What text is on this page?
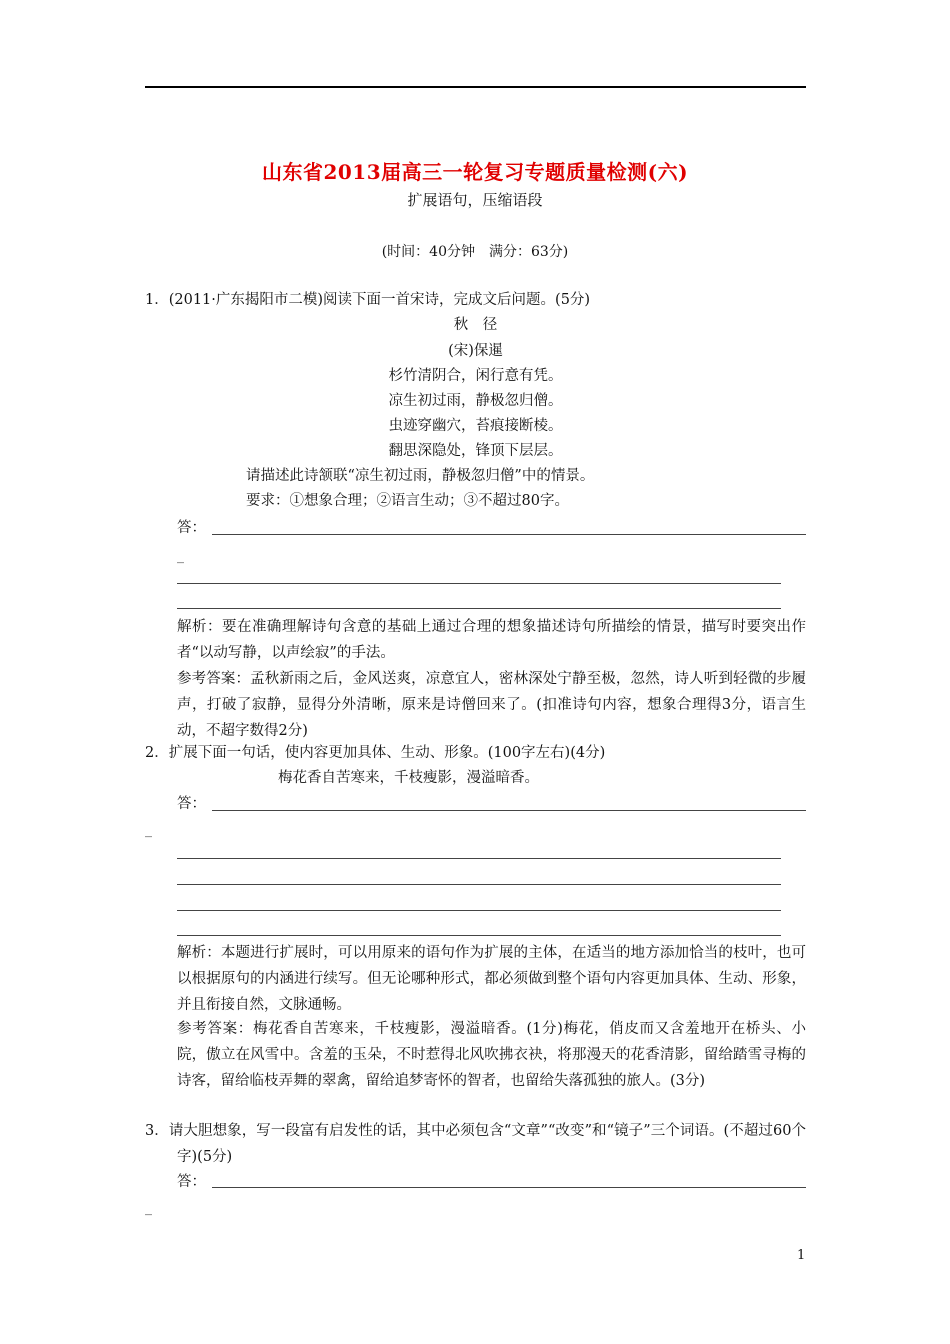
山东省2013届高三一轮复习专题质量检测(六)
扩展语句，压缩语段
(时间：40分钟　满分：63分)
1．(2011·广东揭阳市二模)阅读下面一首宋诗，完成文后问题。(5分)
秋　径
(宋)保暹
杉竹清阴合，闲行意有凭。
凉生初过雨，静极忽归僧。
虫迹穿幽穴，苔痕接断棱。
翻思深隐处，锋顶下层层。
请描述此诗颔联“凉生初过雨，静极忽归僧”中的情景。
要求：①想象合理；②语言生动；③不超过80字。
答：
_
解析：要在准确理解诗句含意的基础上通过合理的想象描述诗句所描绘的情景，描写时要突出作者“以动写静，以声绘寂”的手法。
参考答案：孟秋新雨之后，金风送爽，凉意宜人，密林深处宁静至极，忽然，诗人听到轻微的步履声，打破了寂静，显得分外清晰，原来是诗僧回来了。(扣准诗句内容，想象合理得3分，语言生动，不超字数得2分)
2．扩展下面一句话，使内容更加具体、生动、形象。(100字左右)(4分)
梅花香自苦寒来，千枝瘦影，漫溢暗香。
答：
_
解析：本题进行扩展时，可以用原来的语句作为扩展的主体，在适当的地方添加恰当的枝叶，也可以根据原句的内涵进行续写。但无论哪种形式，都必须做到整个语句内容更加具体、生动、形象，并且衔接自然，文脉通畅。
参考答案：梅花香自苦寒来，千枝瘦影，漫溢暗香。(1分)梅花，俏皮而又含羞地开在桥头、小院，傲立在风雪中。含羞的玉朵，不时惹得北风吹拂衣袂，将那漫天的花香清影，留给踏雪寻梅的诗客，留给临枝弄舞的翠禽，留给追梦寄怀的智者，也留给失落孤独的旅人。(3分)
3．请大胆想象，写一段富有启发性的话，其中必须包含“文章”“改变”和“镜子”三个词语。(不超过60个字)(5分)
答：
_
1
